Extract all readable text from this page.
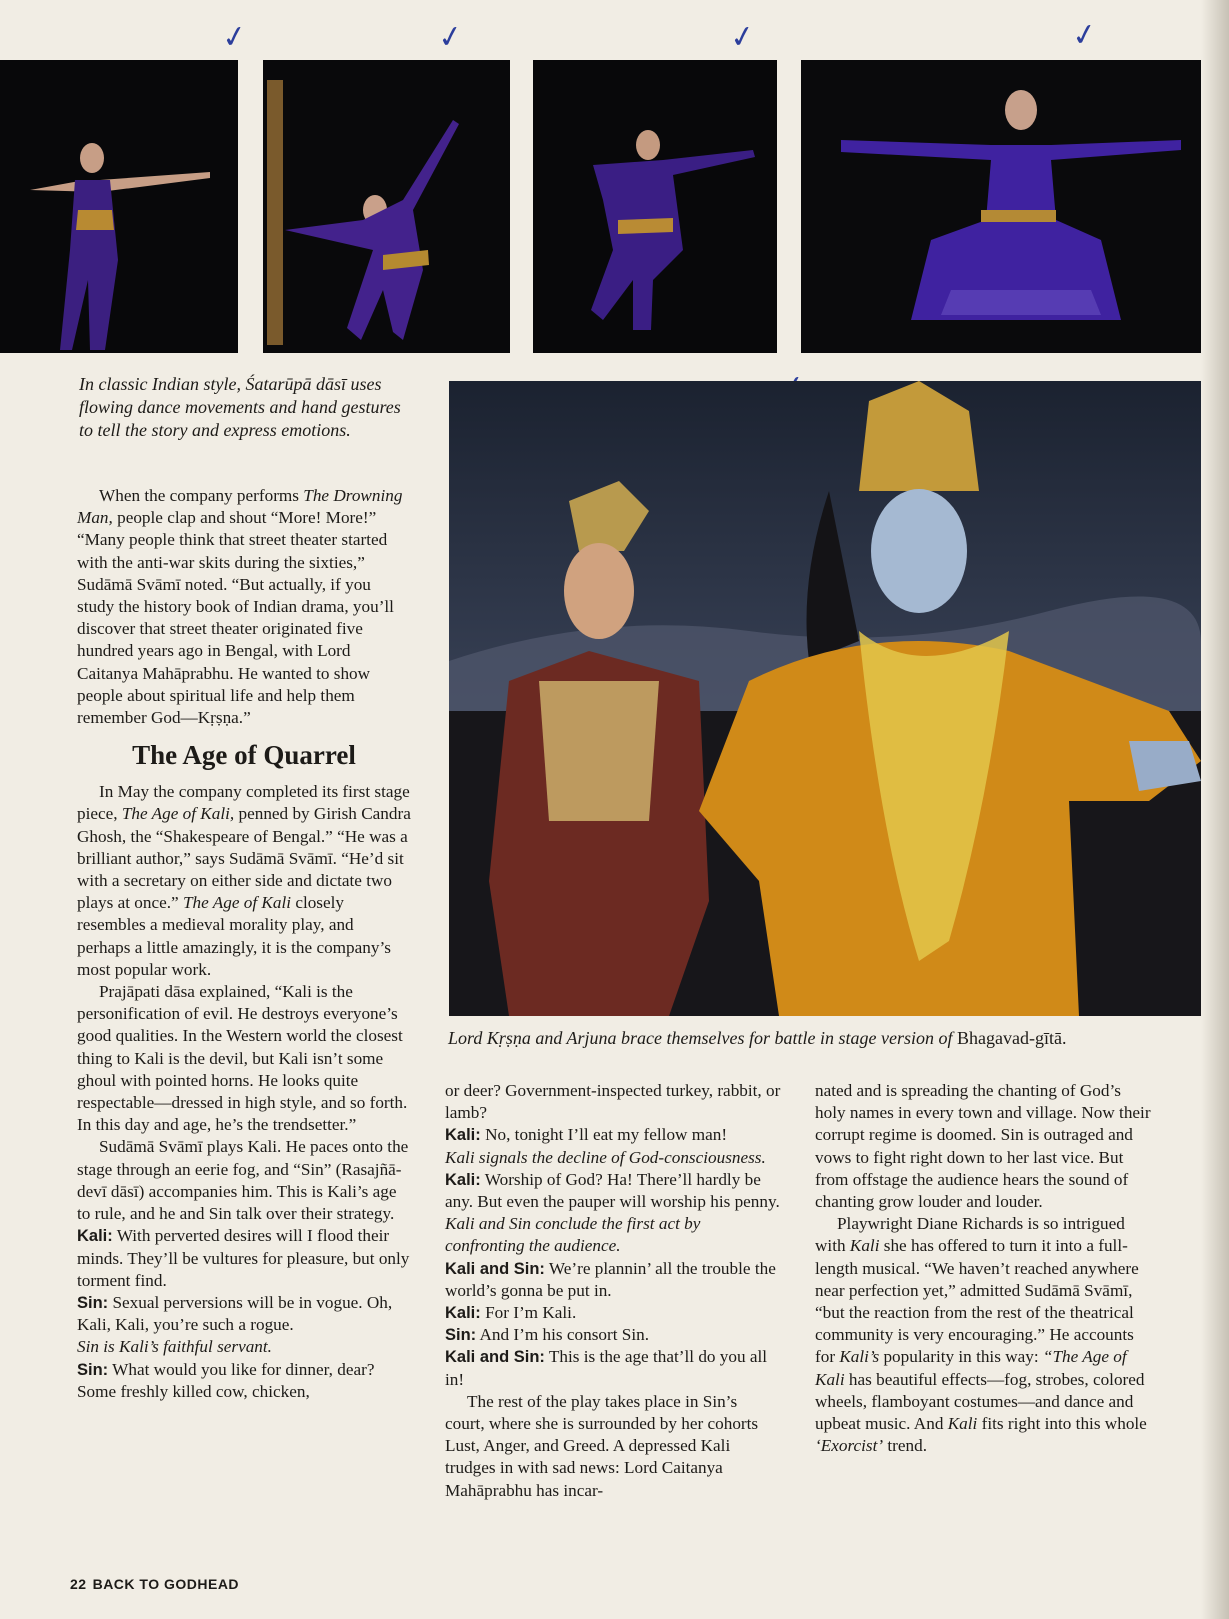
✓	✓	✓	✓
In classic Indian style, Śatarūpā dāsī uses flowing dance movements and hand gestures to tell the story and express emotions.
Lord Kṛṣṇa and Arjuna brace themselves for battle in stage version of Bhagavad-gītā.

When the company performs The Drowning Man, people clap and shout “More! More!” “Many people think that street theater started with the anti-war skits during the sixties,” Sudāmā Svāmī noted. “But actually, if you study the history book of Indian drama, you’ll discover that street theater originated five hundred years ago in Bengal, with Lord Caitanya Mahāprabhu. He wanted to show people about spiritual life and help them remember God—Kṛṣṇa.”

The Age of Quarrel

In May the company completed its first stage piece, The Age of Kali, penned by Girish Candra Ghosh, the “Shakespeare of Bengal.” “He was a brilliant author,” says Sudāmā Svāmī. “He’d sit with a secretary on either side and dictate two plays at once.” The Age of Kali closely resembles a medieval morality play, and perhaps a little amazingly, it is the company’s most popular work.

Prajāpati dāsa explained, “Kali is the personification of evil. He destroys everyone’s good qualities. In the Western world the closest thing to Kali is the devil, but Kali isn’t some ghoul with pointed horns. He looks quite respectable—dressed in high style, and so forth. In this day and age, he’s the trendsetter.”

Sudāmā Svāmī plays Kali. He paces onto the stage through an eerie fog, and “Sin” (Rasajñā-devī dāsī) accompanies him. This is Kali’s age to rule, and he and Sin talk over their strategy.

Kali: With perverted desires will I flood their minds. They’ll be vultures for pleasure, but only torment find.

Sin: Sexual perversions will be in vogue. Oh, Kali, Kali, you’re such a rogue.

Sin is Kali’s faithful servant.

Sin: What would you like for dinner, dear? Some freshly killed cow, chicken,

or deer? Government-inspected turkey, rabbit, or lamb?

Kali: No, tonight I’ll eat my fellow man!

Kali signals the decline of God-consciousness.

Kali: Worship of God? Ha! There’ll hardly be any. But even the pauper will worship his penny.

Kali and Sin conclude the first act by confronting the audience.

Kali and Sin: We’re plannin’ all the trouble the world’s gonna be put in.

Kali: For I’m Kali.

Sin: And I’m his consort Sin.

Kali and Sin: This is the age that’ll do you all in!

The rest of the play takes place in Sin’s court, where she is surrounded by her cohorts Lust, Anger, and Greed. A depressed Kali trudges in with sad news: Lord Caitanya Mahāprabhu has incar-

nated and is spreading the chanting of God’s holy names in every town and village. Now their corrupt regime is doomed. Sin is outraged and vows to fight right down to her last vice. But from offstage the audience hears the sound of chanting grow louder and louder.

Playwright Diane Richards is so intrigued with Kali she has offered to turn it into a full-length musical. “We haven’t reached anywhere near perfection yet,” admitted Sudāmā Svāmī, “but the reaction from the rest of the theatrical community is very encouraging.” He accounts for Kali’s popularity in this way: “The Age of Kali has beautiful effects—fog, strobes, colored wheels, flamboyant costumes—and dance and upbeat music. And Kali fits right into this whole ‘Exorcist’ trend.

22 BACK TO GODHEAD
